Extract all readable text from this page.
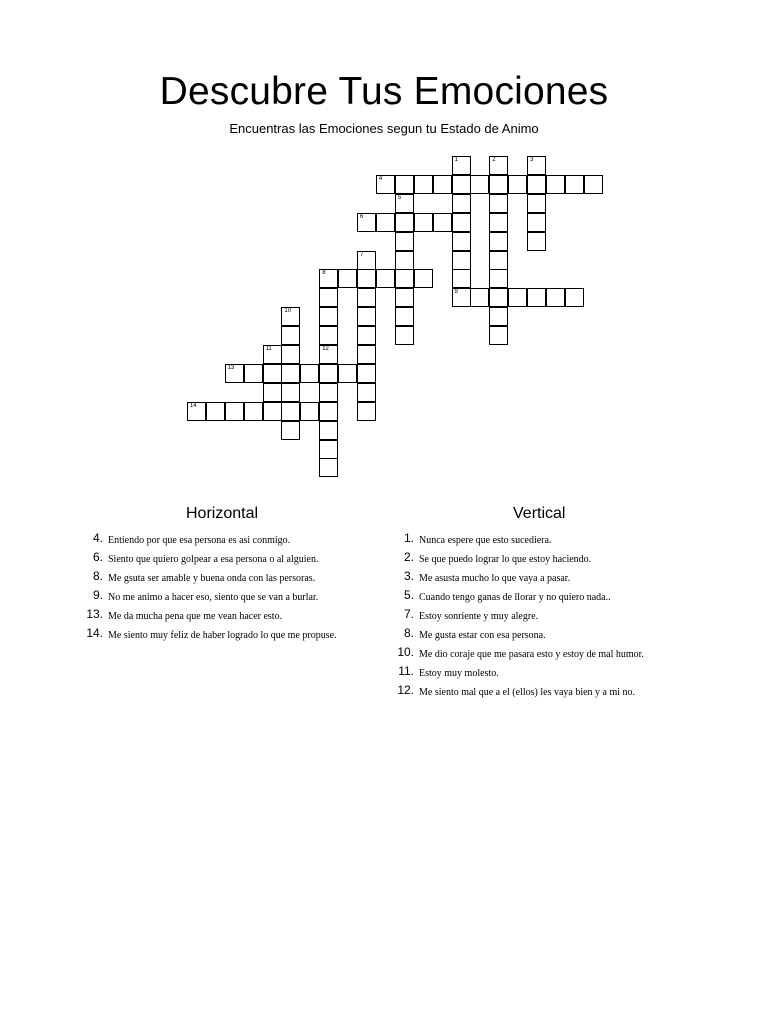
Descubre Tus Emociones
Encuentras las Emociones segun tu Estado de Animo
4
6
8
9
13
14
1	2	3
5
7
10
11	12
Horizontal	Vertical
4. Entiendo por que esa persona es asi conmigo.
6. Siento que quiero golpear a esa persona o al alguien.
8. Me gsuta ser amable y buena onda con las persoras.
9. No me animo a hacer eso, siento que se van a burlar.
13. Me da mucha pena que me vean hacer esto.
14. Me siento muy feliz de haber logrado lo que me propuse.
1. Nunca espere que esto sucediera.
2. Se que puedo lograr lo que estoy haciendo.
3. Me asusta mucho lo que vaya a pasar.
5. Cuando tengo ganas de llorar y no quiero nada..
7. Estoy sonriente y muy alegre.
8. Me gusta estar con esa persona.
10. Me dio coraje que me pasara esto y estoy de mal humor.
11. Estoy muy molesto.
12. Me siento mal que a el (ellos) les vaya bien y a mi no.
